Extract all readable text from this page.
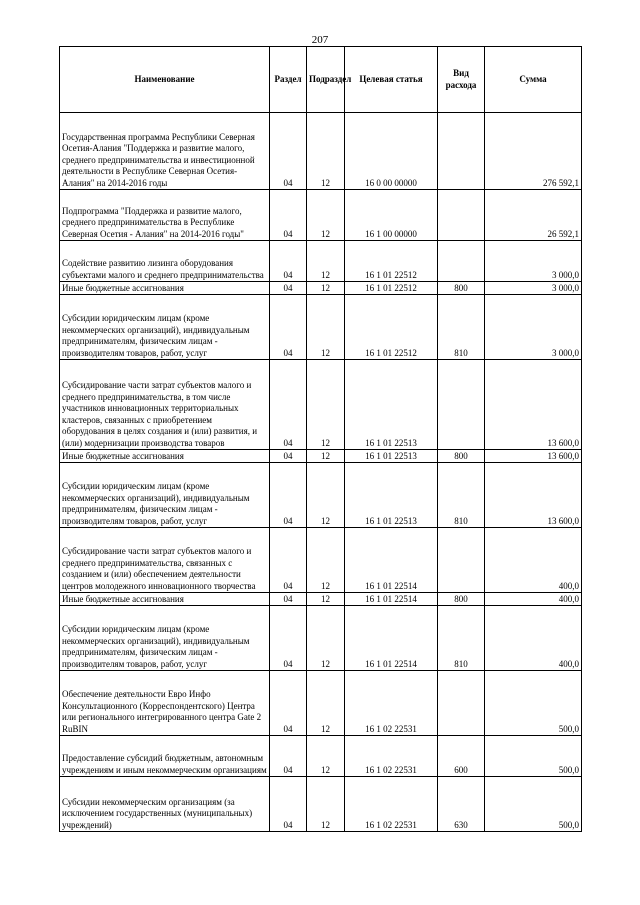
207
Наименование	Раздел	Подраздел	Целевая статья	Вид расхода	Сумма
Государственная программа Республики Северная Осетия-Алания "Поддержка и развитие малого, среднего предпринимательства и инвестиционной деятельности в Республике Северная Осетия-Алания" на 2014-2016 годы	04	12	16 0 00 00000		276 592,1
Подпрограмма "Поддержка и развитие малого, среднего предпринимательства в Республике Северная Осетия - Алания" на 2014-2016 годы"	04	12	16 1 00 00000		26 592,1
Содействие развитию лизинга оборудования субъектами малого и среднего предпринимательства	04	12	16 1 01 22512		3 000,0
Иные бюджетные ассигнования	04	12	16 1 01 22512	800	3 000,0
Субсидии юридическим лицам (кроме некоммерческих организаций), индивидуальным предпринимателям, физическим лицам - производителям товаров, работ, услуг	04	12	16 1 01 22512	810	3 000,0
Субсидирование части затрат субъектов малого и среднего предпринимательства, в том числе участников инновационных территориальных кластеров, связанных с приобретением оборудования в целях создания и (или) развития, и (или) модернизации производства товаров	04	12	16 1 01 22513		13 600,0
Иные бюджетные ассигнования	04	12	16 1 01 22513	800	13 600,0
Субсидии юридическим лицам (кроме некоммерческих организаций), индивидуальным предпринимателям, физическим лицам - производителям товаров, работ, услуг	04	12	16 1 01 22513	810	13 600,0
Субсидирование части затрат субъектов малого и среднего предпринимательства, связанных с созданием и (или) обеспечением деятельности центров молодежного инновационного творчества	04	12	16 1 01 22514		400,0
Иные бюджетные ассигнования	04	12	16 1 01 22514	800	400,0
Субсидии юридическим лицам (кроме некоммерческих организаций), индивидуальным предпринимателям, физическим лицам - производителям товаров, работ, услуг	04	12	16 1 01 22514	810	400,0
Обеспечение деятельности Евро Инфо Консультационного (Корреспондентского) Центра или регионального интегрированного центра Gate 2 RuBIN	04	12	16 1 02 22531		500,0
Предоставление субсидий бюджетным, автономным учреждениям и иным некоммерческим организациям	04	12	16 1 02 22531	600	500,0
Субсидии некоммерческим организациям (за исключением государственных (муниципальных) учреждений)	04	12	16 1 02 22531	630	500,0
